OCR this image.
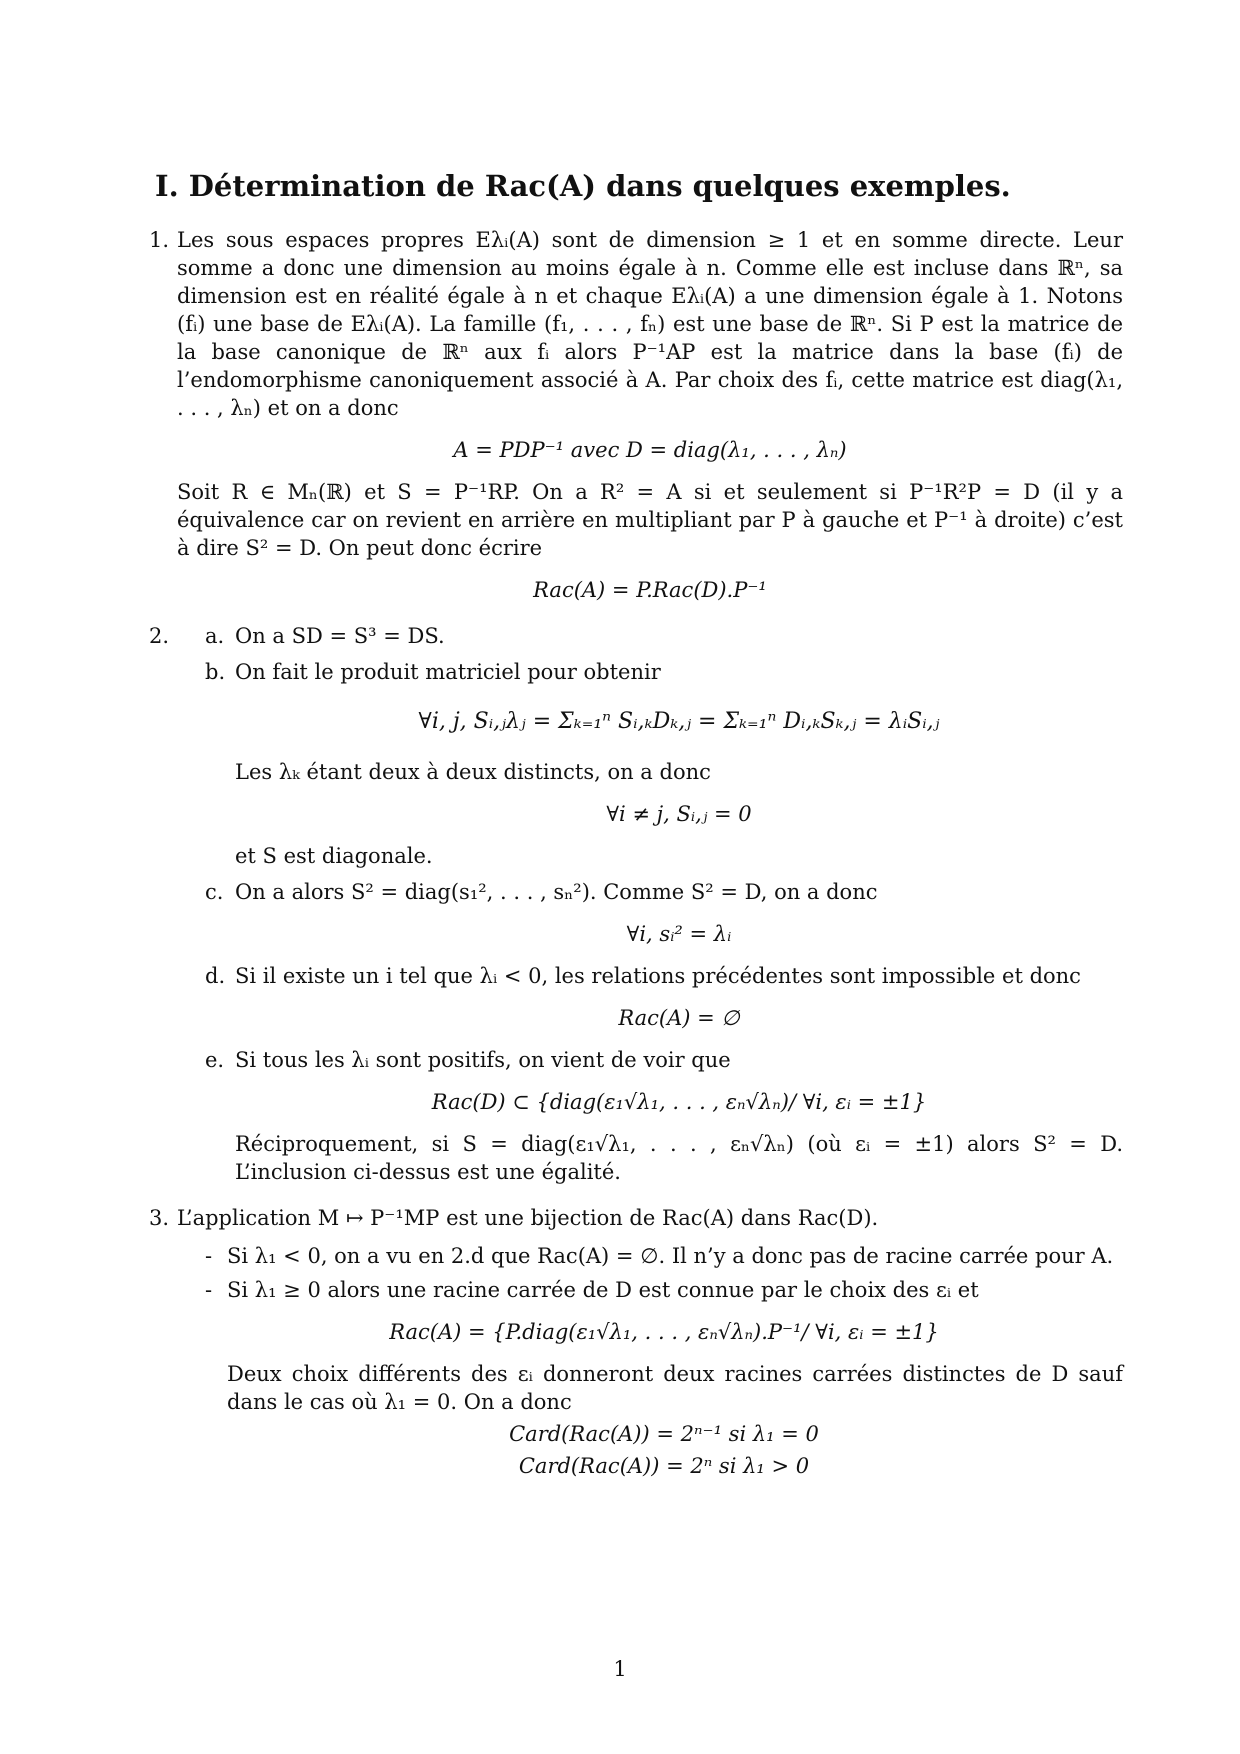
I. Détermination de Rac(A) dans quelques exemples.
1. Les sous espaces propres Eλᵢ(A) sont de dimension ≥ 1 et en somme directe. Leur somme a donc une dimension au moins égale à n. Comme elle est incluse dans ℝⁿ, sa dimension est en réalité égale à n et chaque Eλᵢ(A) a une dimension égale à 1. Notons (fᵢ) une base de Eλᵢ(A). La famille (f₁, . . . , fₙ) est une base de ℝⁿ. Si P est la matrice de la base canonique de ℝⁿ aux fᵢ alors P⁻¹AP est la matrice dans la base (fᵢ) de l’endomorphisme canoniquement associé à A. Par choix des fᵢ, cette matrice est diag(λ₁, . . . , λₙ) et on a donc

A = PDP⁻¹ avec D = diag(λ₁, . . . , λₙ)

Soit R ∈ Mₙ(ℝ) et S = P⁻¹RP. On a R² = A si et seulement si P⁻¹R²P = D (il y a équivalence car on revient en arrière en multipliant par P à gauche et P⁻¹ à droite) c’est à dire S² = D. On peut donc écrire

Rac(A) = P.Rac(D).P⁻¹
2. a. On a SD = S³ = DS.

b. On fait le produit matriciel pour obtenir

∀i, j, Sᵢ,ⱼλⱼ = Σₖ₌₁ⁿ Sᵢ,ₖDₖ,ⱼ = Σₖ₌₁ⁿ Dᵢ,ₖSₖ,ⱼ = λᵢSᵢ,ⱼ

Les λₖ étant deux à deux distincts, on a donc

∀i ≠ j, Sᵢ,ⱼ = 0

et S est diagonale.

c. On a alors S² = diag(s₁², . . . , sₙ²). Comme S² = D, on a donc

∀i, sᵢ² = λᵢ
d. Si il existe un i tel que λᵢ < 0, les relations précédentes sont impossible et donc

Rac(A) = ∅
e. Si tous les λᵢ sont positifs, on vient de voir que

Rac(D) ⊂ {diag(ε₁√λ₁, . . . , εₙ√λₙ)/ ∀i, εᵢ = ±1}

Réciproquement, si S = diag(ε₁√λ₁, . . . , εₙ√λₙ) (où εᵢ = ±1) alors S² = D. L’inclusion ci-dessus est une égalité.

3. L’application M ↦ P⁻¹MP est une bijection de Rac(A) dans Rac(D).

- Si λ₁ < 0, on a vu en 2.d que Rac(A) = ∅. Il n’y a donc pas de racine carrée pour A.

- Si λ₁ ≥ 0 alors une racine carrée de D est connue par le choix des εᵢ et

Rac(A) = {P.diag(ε₁√λ₁, . . . , εₙ√λₙ).P⁻¹/ ∀i, εᵢ = ±1}

Deux choix différents des εᵢ donneront deux racines carrées distinctes de D sauf dans le cas où λ₁ = 0. On a donc

Card(Rac(A)) = 2ⁿ⁻¹ si λ₁ = 0
Card(Rac(A)) = 2ⁿ si λ₁ > 0
1
